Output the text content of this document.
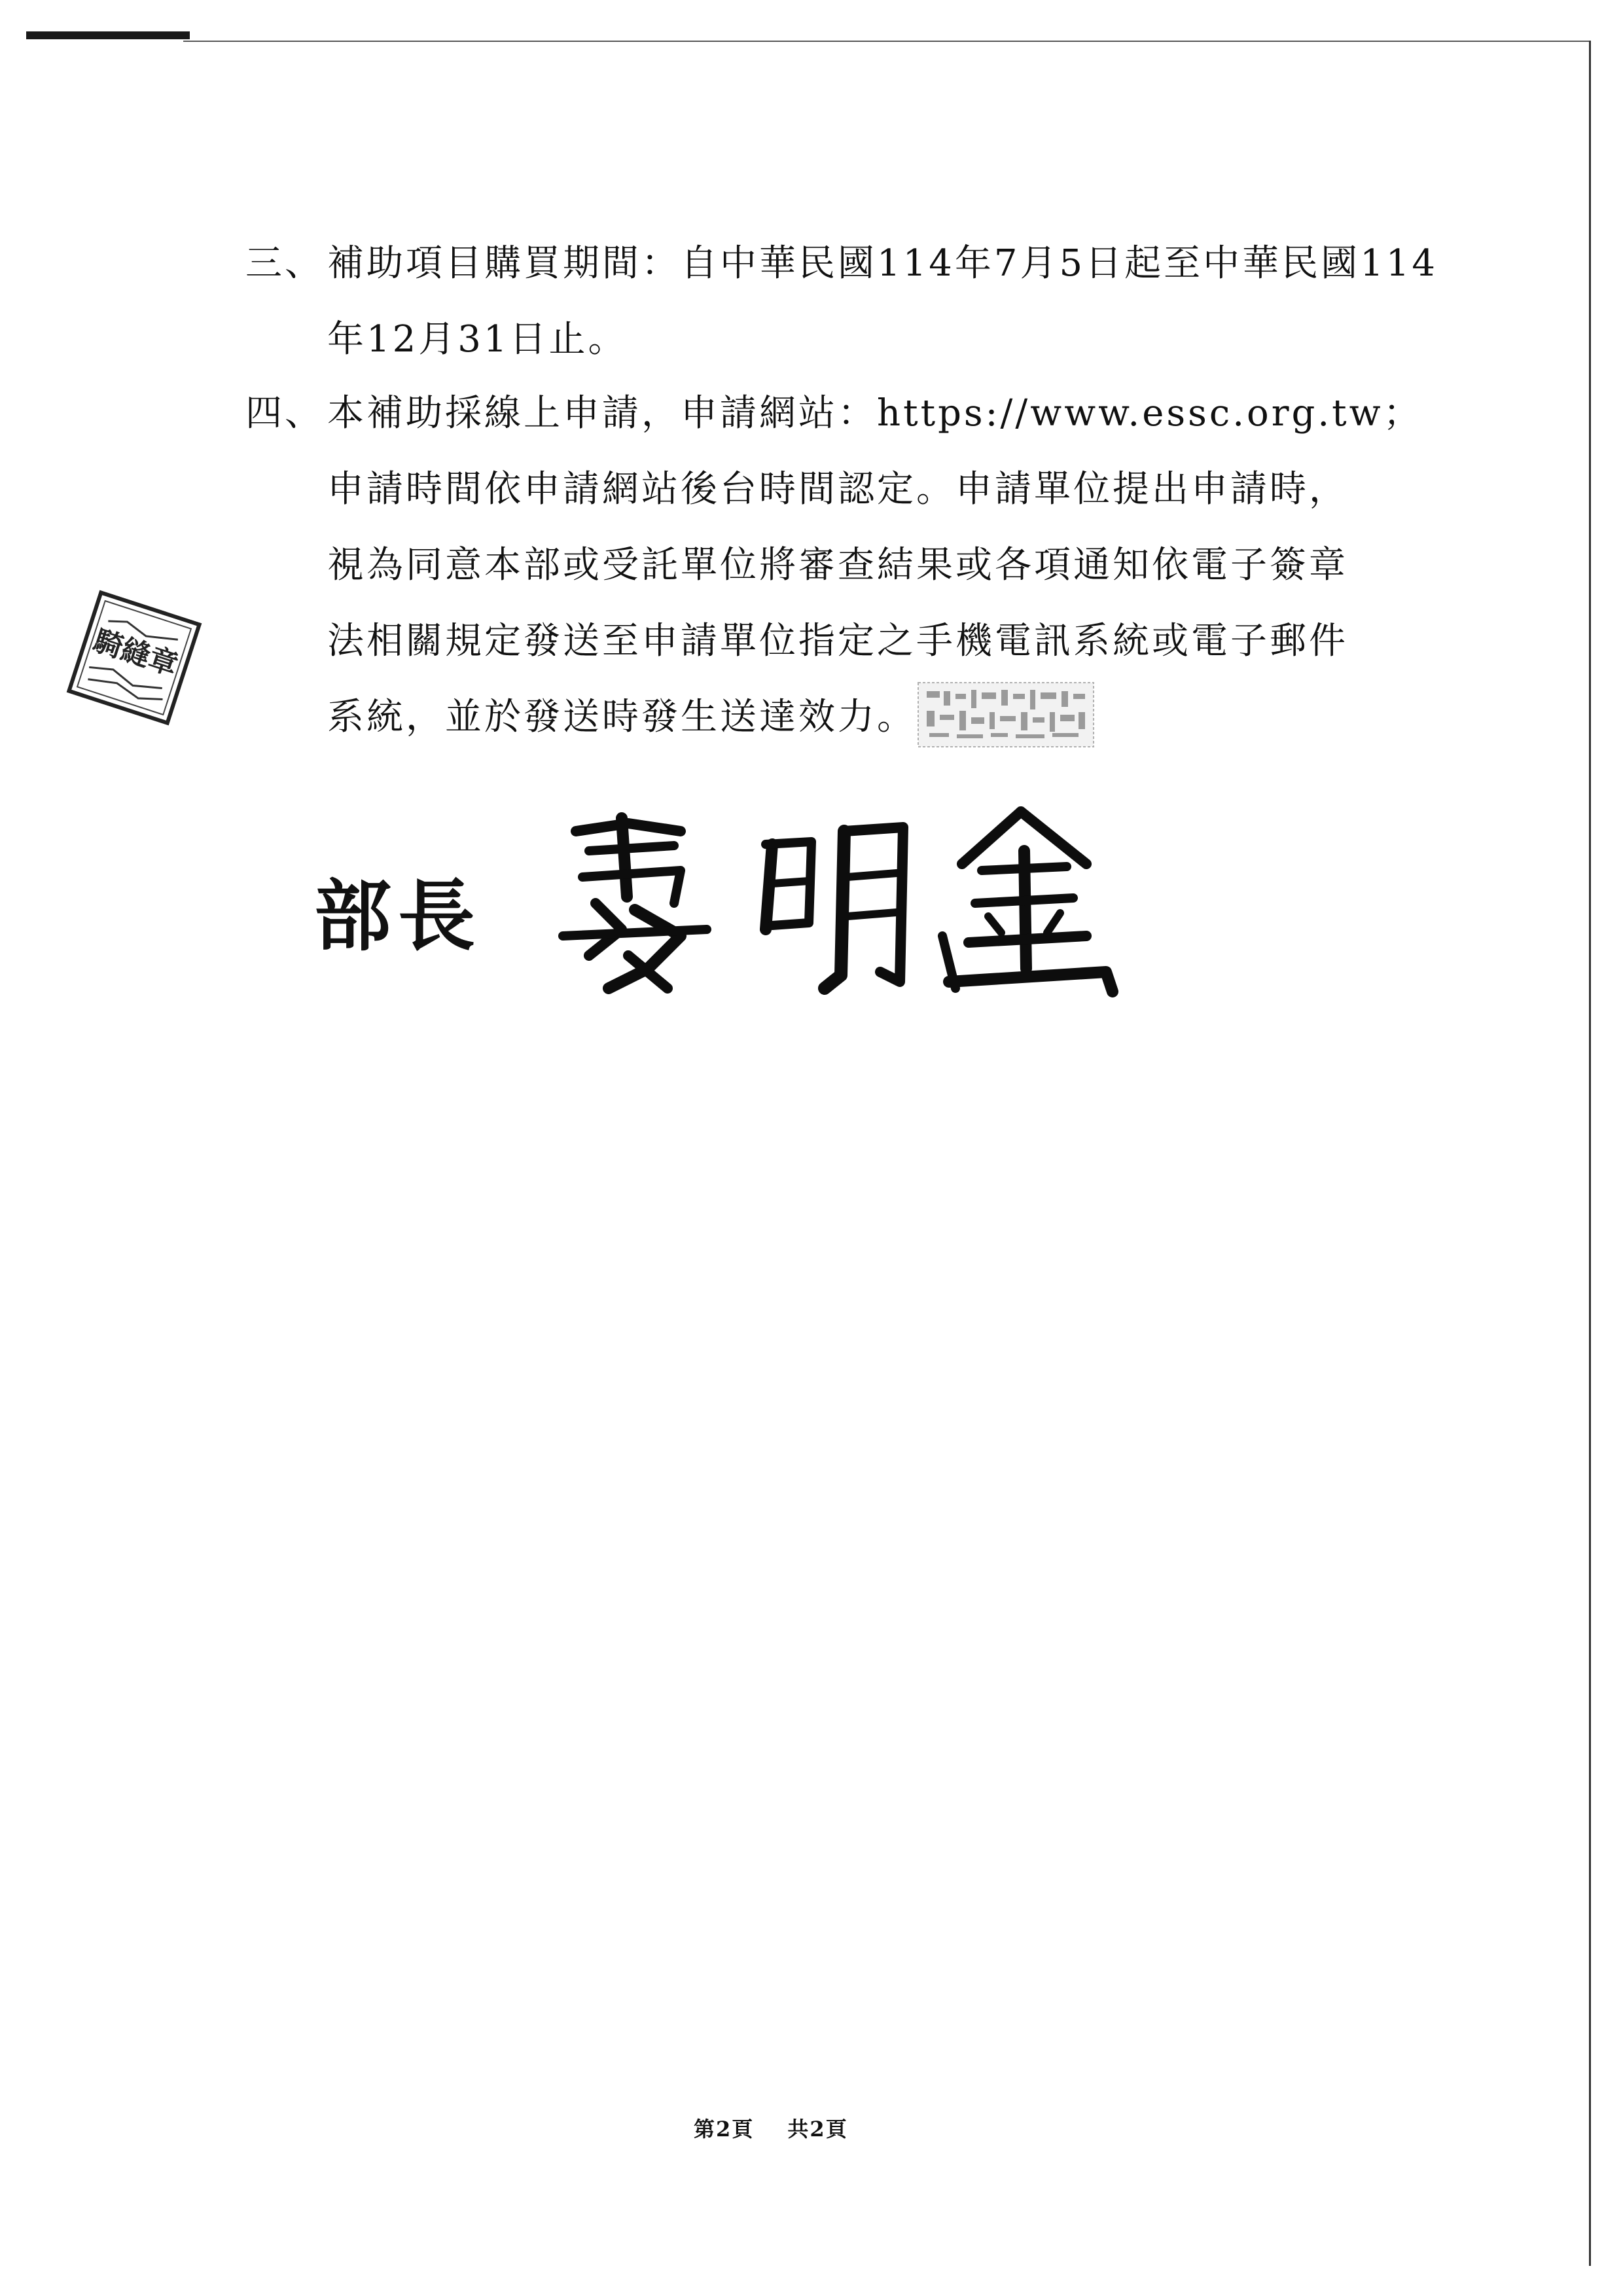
三、 補助項目購買期間：自中華民國114年7月5日起至中華民國114
年12月31日止。
四、 本補助採線上申請，申請網站：https://www.essc.org.tw；
申請時間依申請網站後台時間認定。申請單位提出申請時，
視為同意本部或受託單位將審查結果或各項通知依電子簽章
法相關規定發送至申請單位指定之手機電訊系統或電子郵件
系統，並於發送時發生送達效力。
騎縫章
部長
第2頁 共2頁
